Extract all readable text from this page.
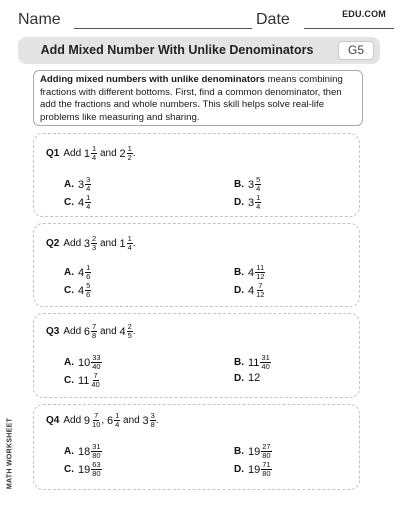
Name	Date	EDU.COM
Add Mixed Number With Unlike Denominators	G5
Adding mixed numbers with unlike denominators means combining fractions with different bottoms. First, find a common denominator, then add the fractions and whole numbers. This skill helps solve real-life problems like measuring and sharing.
Q1 Add $1 \frac{1}{4}$ and $2 \frac{1}{2}$ .
A. $3 \frac{3}{4}$	B. $3 \frac{5}{4}$
C. $4 \frac{1}{4}$	D. $3 \frac{1}{4}$
Q2 Add $3 \frac{2}{3}$ and $1 \frac{1}{4}$ .
A. $4 \frac{1}{6}$	B. $4 \frac{11}{12}$
C. $4 \frac{5}{6}$	D. $4 \frac{7}{12}$
Q3 Add $6 \frac{7}{8}$ and $4 \frac{2}{5}$ .
A. $10 \frac{33}{40}$	B. $11 \frac{31}{40}$
C. $11 \frac{7}{40}$	D. 12
Q4 Add $9 \frac{7}{10}$ , $6 \frac{1}{4}$ and $3 \frac{3}{8}$ .
A. $18 \frac{31}{80}$	B. $19 \frac{27}{80}$
C. $19 \frac{63}{80}$	D. $19 \frac{71}{80}$
MATH WORKSHEET
